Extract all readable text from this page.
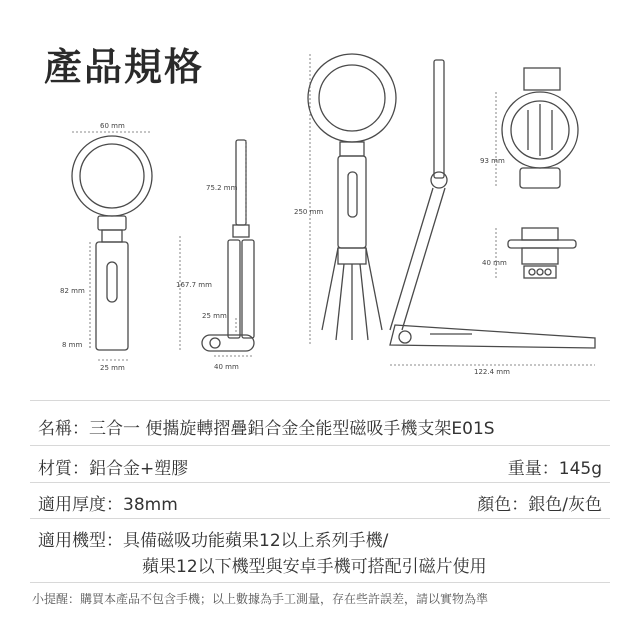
產品規格
60 mm
82 mm
8 mm
25 mm
75.2 mm
167.7 mm
25 mm
40 mm
250 mm
122.4 mm
93 mm
40 mm
名稱：三合一 便攜旋轉摺疊鋁合金全能型磁吸手機支架E01S
材質：鋁合金+塑膠	重量：145g
適用厚度：38mm	顏色：銀色/灰色
適用機型：具備磁吸功能蘋果12以上系列手機/
蘋果12以下機型與安卓手機可搭配引磁片使用
小提醒：購買本產品不包含手機；以上數據為手工測量，存在些許誤差，請以實物為準
